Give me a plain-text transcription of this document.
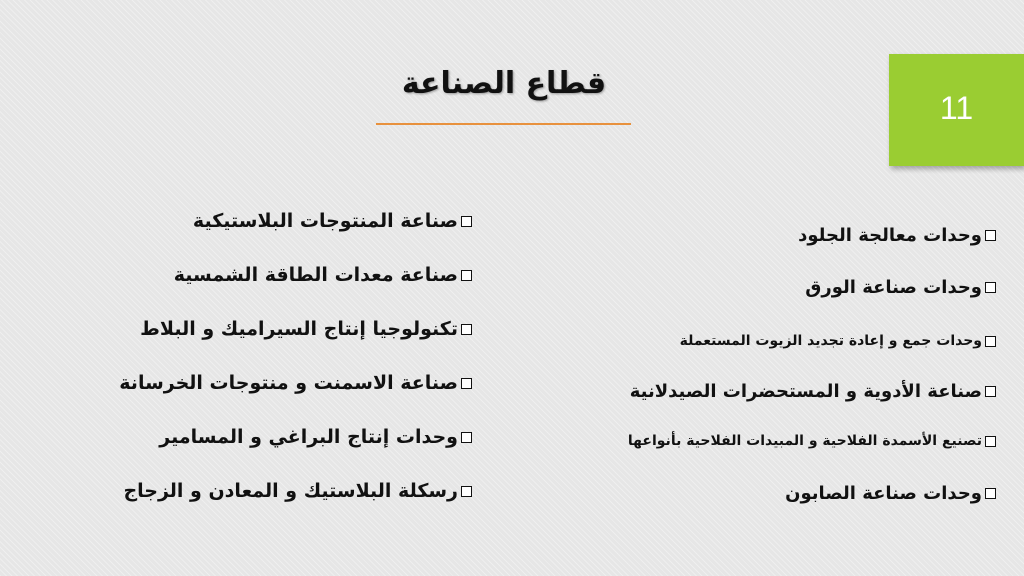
قطاع الصناعة
11
صناعة المنتوجات البلاستيكية
صناعة معدات الطاقة الشمسية
تكنولوجيا إنتاج السيراميك و البلاط
صناعة الاسمنت و منتوجات الخرسانة
وحدات إنتاج البراغي و المسامير
رسكلة البلاستيك و المعادن و الزجاج
وحدات معالجة الجلود
وحدات صناعة الورق
وحدات جمع و إعادة تجديد الزيوت المستعملة
صناعة الأدوية و المستحضرات الصيدلانية
تصنيع الأسمدة الفلاحية و المبيدات الفلاحية بأنواعها
وحدات صناعة الصابون
